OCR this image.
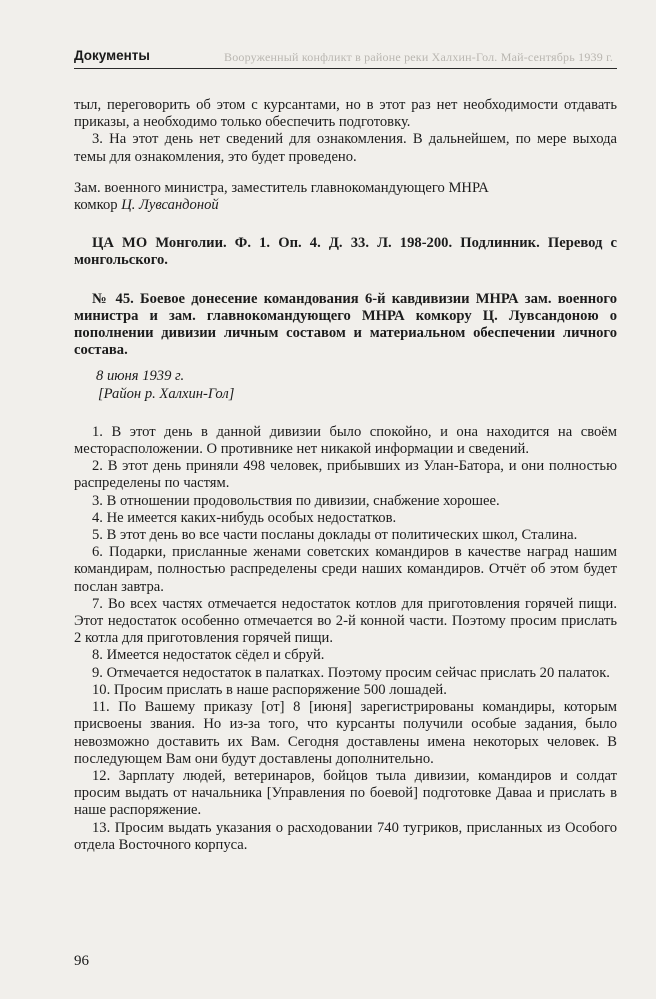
Документы	Вооруженный конфликт в районе реки Халхин-Гол. Май-сентябрь 1939 г.

тыл, переговорить об этом с курсантами, но в этот раз нет необходимости отдавать приказы, а необходимо только обеспечить подготовку.

3. На этот день нет сведений для ознакомления. В дальнейшем, по мере выхода темы для ознакомления, это будет проведено.

Зам. военного министра, заместитель главнокомандующего МНРА

комкор Ц. Лувсандоной

ЦА МО Монголии. Ф. 1. Оп. 4. Д. 33. Л. 198-200. Подлинник. Перевод с монгольского.

№ 45. Боевое донесение командования 6-й кавдивизии МНРА зам. военного министра и зам. главнокомандующего МНРА комкору Ц. Лувсандоною о пополнении дивизии личным составом и материальном обеспечении личного состава.

8 июня 1939 г.

[Район р. Халхин-Гол]

1. В этот день в данной дивизии было спокойно, и она находится на своём месторасположении. О противнике нет никакой информации и сведений.

2. В этот день приняли 498 человек, прибывших из Улан-Батора, и они полностью распределены по частям.

3. В отношении продовольствия по дивизии, снабжение хорошее.

4. Не имеется каких-нибудь особых недостатков.

5. В этот день во все части посланы доклады от политических школ, Сталина.

6. Подарки, присланные женами советских командиров в качестве наград нашим командирам, полностью распределены среди наших командиров. Отчёт об этом будет послан завтра.

7. Во всех частях отмечается недостаток котлов для приготовления горячей пищи. Этот недостаток особенно отмечается во 2-й конной части. Поэтому просим прислать 2 котла для приготовления горячей пищи.

8. Имеется недостаток сёдел и сбруй.

9. Отмечается недостаток в палатках. Поэтому просим сейчас прислать 20 палаток.

10. Просим прислать в наше распоряжение 500 лошадей.

11. По Вашему приказу [от] 8 [июня] зарегистрированы командиры, которым присвоены звания. Но из-за того, что курсанты получили особые задания, было невозможно доставить их Вам. Сегодня доставлены имена некоторых человек. В последующем Вам они будут доставлены дополнительно.

12. Зарплату людей, ветеринаров, бойцов тыла дивизии, командиров и солдат просим выдать от начальника [Управления по боевой] подготовке Даваа и прислать в наше распоряжение.

13. Просим выдать указания о расходовании 740 тугриков, присланных из Особого отдела Восточного корпуса.

96
